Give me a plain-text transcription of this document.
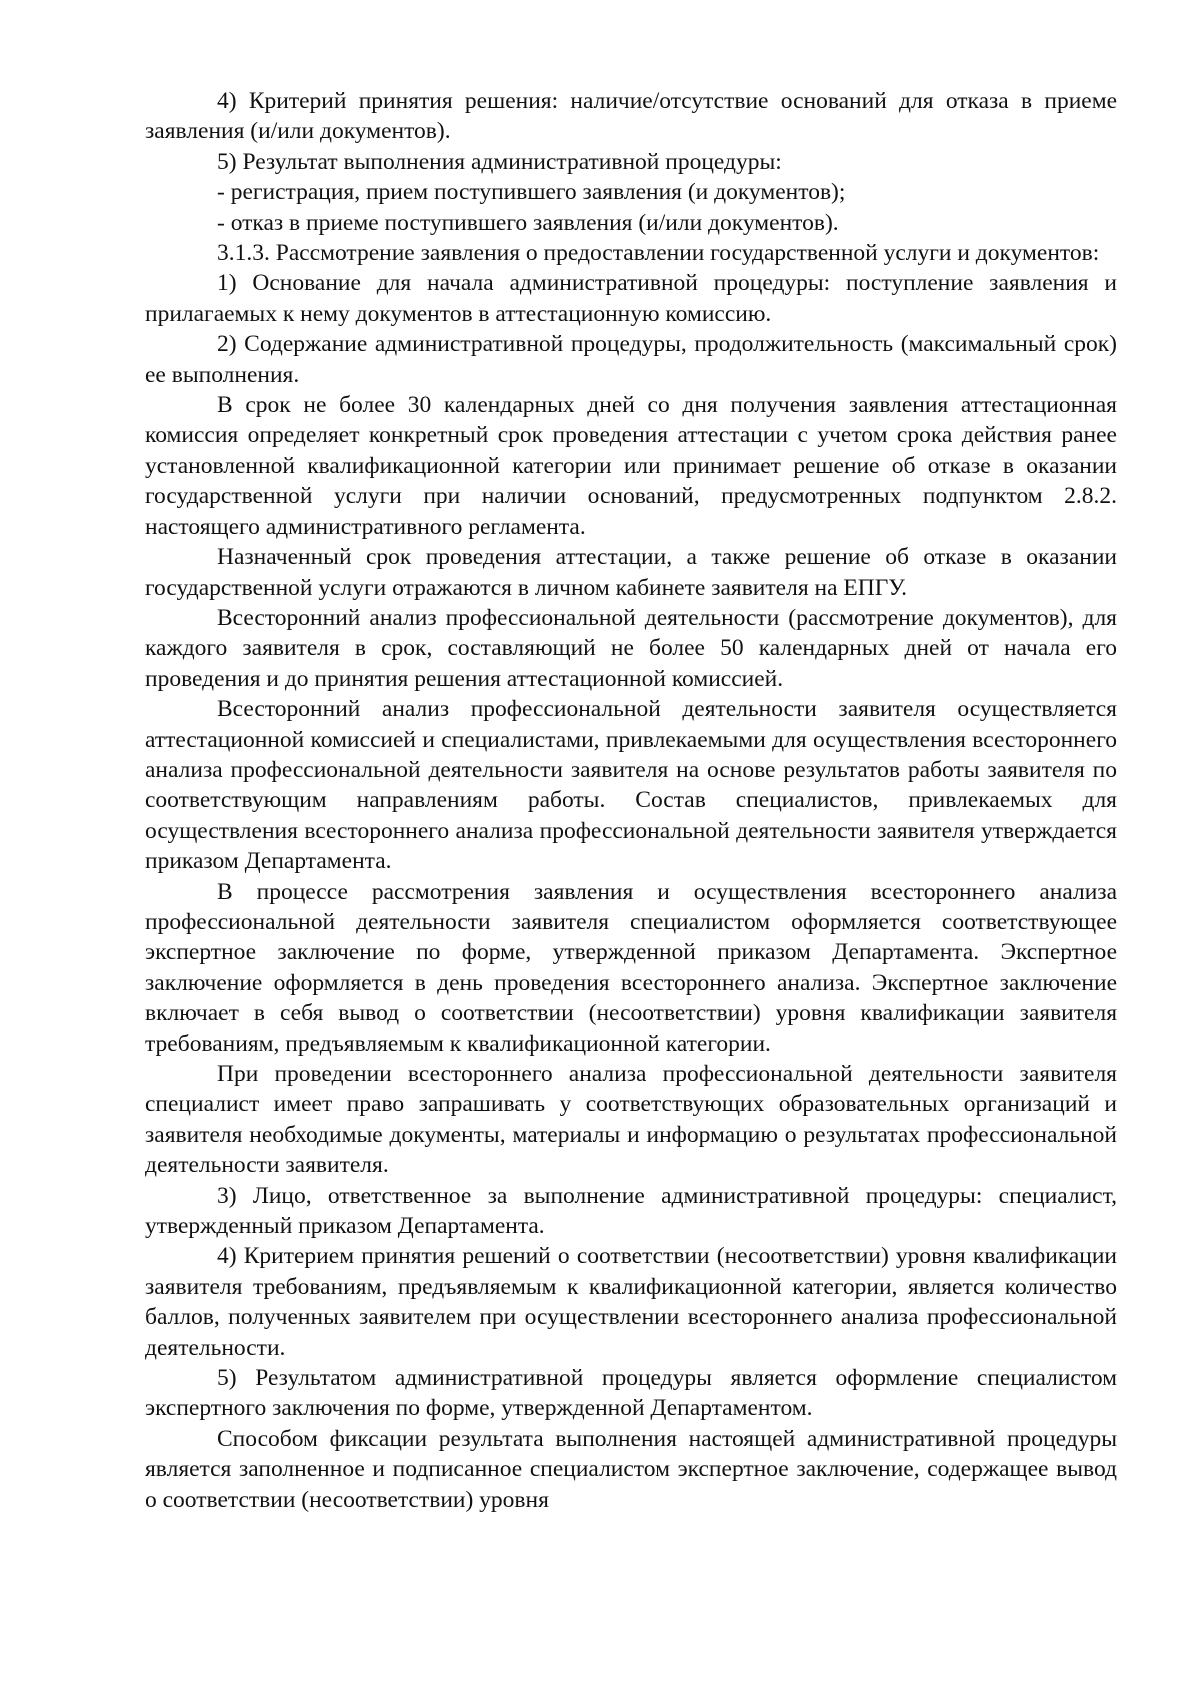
4) Критерий принятия решения: наличие/отсутствие оснований для отказа в приеме заявления (и/или документов).

5) Результат выполнения административной процедуры:

- регистрация, прием поступившего заявления (и документов);

- отказ в приеме поступившего заявления (и/или документов).

3.1.3. Рассмотрение заявления о предоставлении государственной услуги и документов:

1) Основание для начала административной процедуры: поступление заявления и прилагаемых к нему документов в аттестационную комиссию.

2) Содержание административной процедуры, продолжительность (максимальный срок) ее выполнения.

В срок не более 30 календарных дней со дня получения заявления аттестационная комиссия определяет конкретный срок проведения аттестации с учетом срока действия ранее установленной квалификационной категории или принимает решение об отказе в оказании государственной услуги при наличии оснований, предусмотренных подпунктом 2.8.2. настоящего административного регламента.

Назначенный срок проведения аттестации, а также решение об отказе в оказании государственной услуги отражаются в личном кабинете заявителя на ЕПГУ.

Всесторонний анализ профессиональной деятельности (рассмотрение документов), для каждого заявителя в срок, составляющий не более 50 календарных дней от начала его проведения и до принятия решения аттестационной комиссией.

Всесторонний анализ профессиональной деятельности заявителя осуществляется аттестационной комиссией и специалистами, привлекаемыми для осуществления всестороннего анализа профессиональной деятельности заявителя на основе результатов работы заявителя по соответствующим направлениям работы. Состав специалистов, привлекаемых для осуществления всестороннего анализа профессиональной деятельности заявителя утверждается приказом Департамента.

В процессе рассмотрения заявления и осуществления всестороннего анализа профессиональной деятельности заявителя специалистом оформляется соответствующее экспертное заключение по форме, утвержденной приказом Департамента. Экспертное заключение оформляется в день проведения всестороннего анализа. Экспертное заключение включает в себя вывод о соответствии (несоответствии) уровня квалификации заявителя требованиям, предъявляемым к квалификационной категории.

При проведении всестороннего анализа профессиональной деятельности заявителя специалист имеет право запрашивать у соответствующих образовательных организаций и заявителя необходимые документы, материалы и информацию о результатах профессиональной деятельности заявителя.

3) Лицо, ответственное за выполнение административной процедуры: специалист, утвержденный приказом Департамента.

4) Критерием принятия решений о соответствии (несоответствии) уровня квалификации заявителя требованиям, предъявляемым к квалификационной категории, является количество баллов, полученных заявителем при осуществлении всестороннего анализа профессиональной деятельности.

5) Результатом административной процедуры является оформление специалистом экспертного заключения по форме, утвержденной Департаментом.

Способом фиксации результата выполнения настоящей административной процедуры является заполненное и подписанное специалистом экспертное заключение, содержащее вывод о соответствии (несоответствии) уровня
